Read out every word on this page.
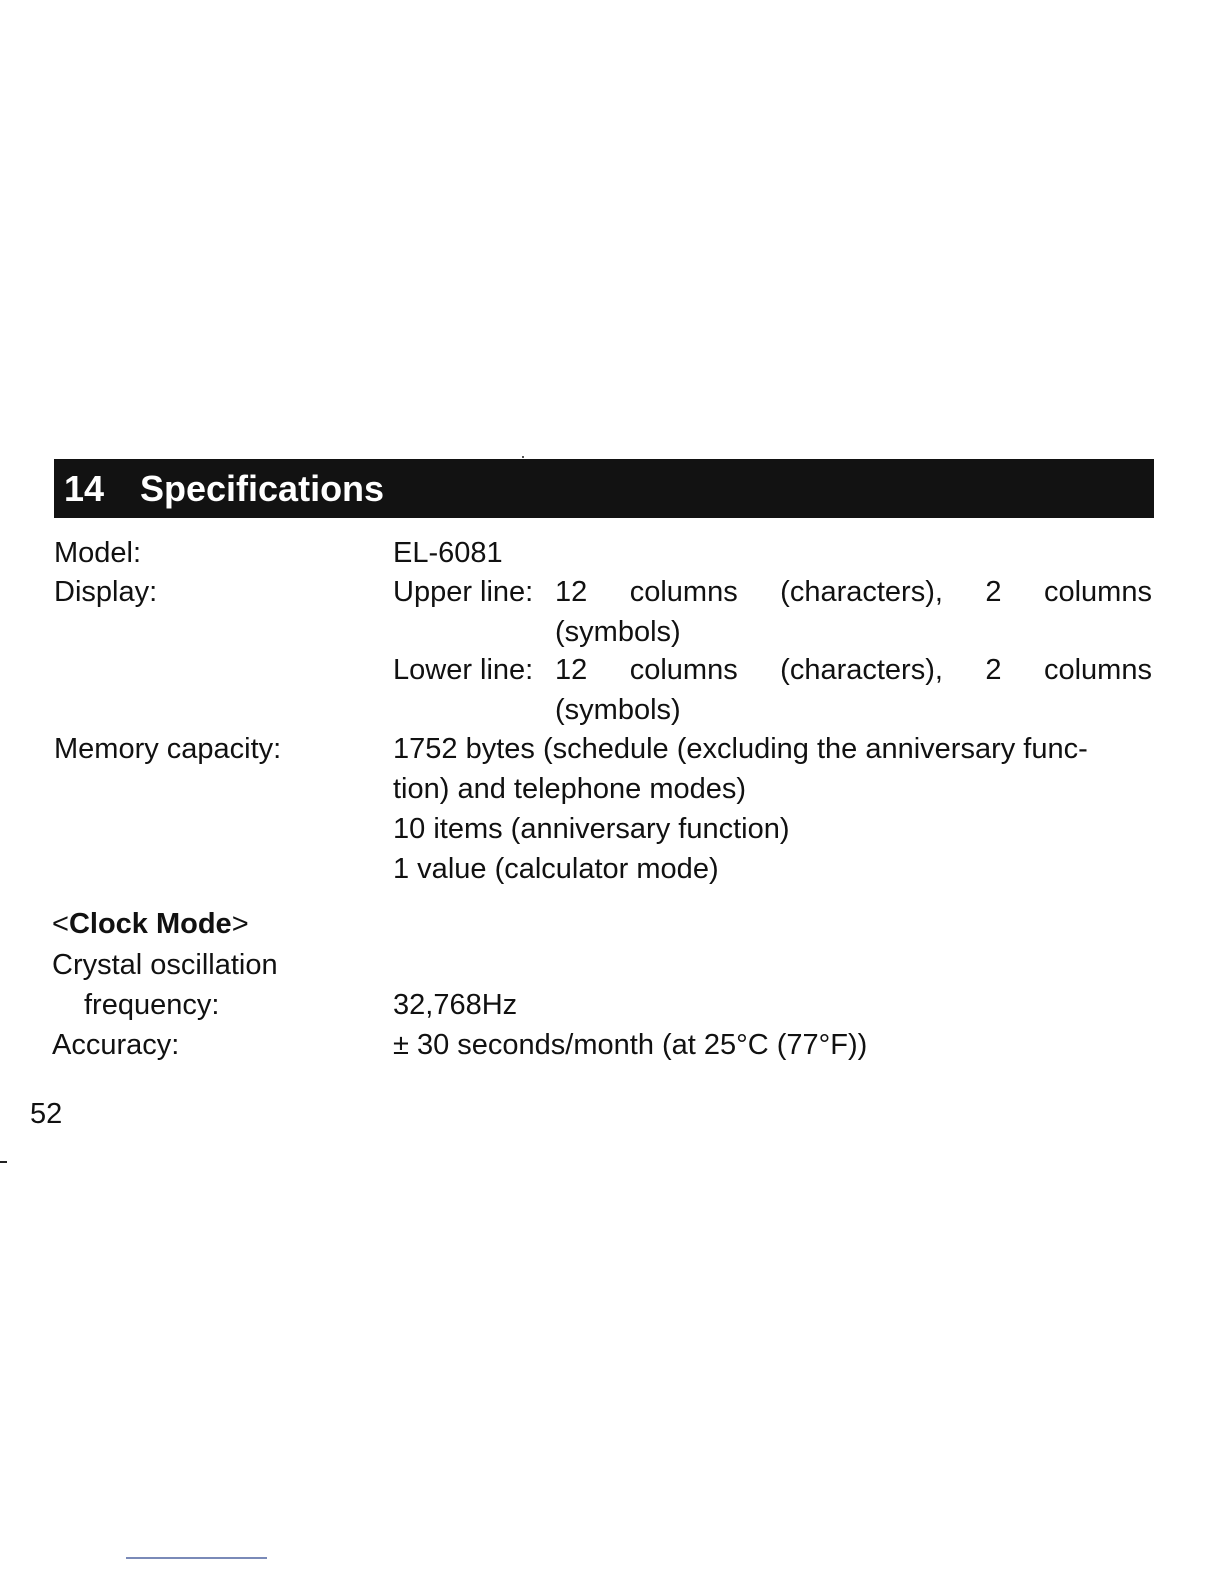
14 Specifications
Model:	EL-6081
Display:	Upper line: 12 columns (characters), 2 columns
(symbols)
Lower line: 12 columns (characters), 2 columns
(symbols)
Memory capacity:	1752 bytes (schedule (excluding the anniversary func-
tion) and telephone modes)
10 items (anniversary function)
1 value (calculator mode)
<Clock Mode>
Crystal oscillation
frequency:	32,768Hz
Accuracy:	± 30 seconds/month (at 25°C (77°F))
52
